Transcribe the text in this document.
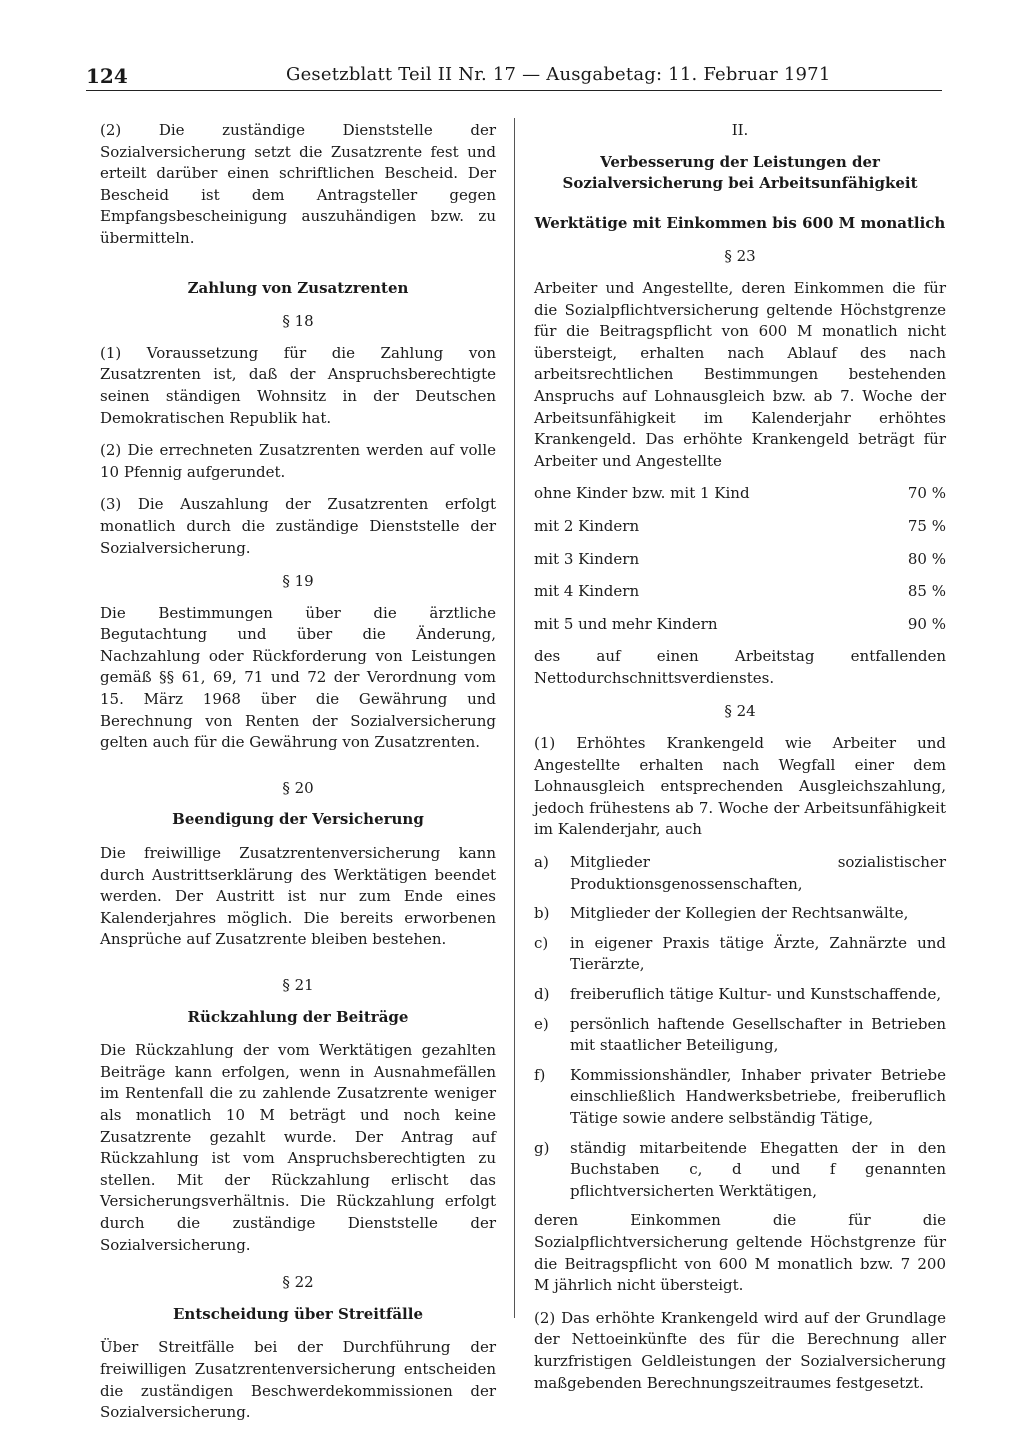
124	Gesetzblatt Teil II Nr. 17 — Ausgabetag: 11. Februar 1971

(2) Die zuständige Dienststelle der Sozialversicherung setzt die Zusatzrente fest und erteilt darüber einen schriftlichen Bescheid. Der Bescheid ist dem Antragsteller gegen Empfangsbescheinigung auszuhändigen bzw. zu übermitteln.

Zahlung von Zusatzrenten
§ 18

(1) Voraussetzung für die Zahlung von Zusatzrenten ist, daß der Anspruchsberechtigte seinen ständigen Wohnsitz in der Deutschen Demokratischen Republik hat.

(2) Die errechneten Zusatzrenten werden auf volle 10 Pfennig aufgerundet.

(3) Die Auszahlung der Zusatzrenten erfolgt monatlich durch die zuständige Dienststelle der Sozialversicherung.

§ 19

Die Bestimmungen über die ärztliche Begutachtung und über die Änderung, Nachzahlung oder Rückforderung von Leistungen gemäß §§ 61, 69, 71 und 72 der Verordnung vom 15. März 1968 über die Gewährung und Berechnung von Renten der Sozialversicherung gelten auch für die Gewährung von Zusatzrenten.

§ 20
Beendigung der Versicherung

Die freiwillige Zusatzrentenversicherung kann durch Austrittserklärung des Werktätigen beendet werden. Der Austritt ist nur zum Ende eines Kalenderjahres möglich. Die bereits erworbenen Ansprüche auf Zusatzrente bleiben bestehen.

§ 21
Rückzahlung der Beiträge

Die Rückzahlung der vom Werktätigen gezahlten Beiträge kann erfolgen, wenn in Ausnahmefällen im Rentenfall die zu zahlende Zusatzrente weniger als monatlich 10 M beträgt und noch keine Zusatzrente gezahlt wurde. Der Antrag auf Rückzahlung ist vom Anspruchsberechtigten zu stellen. Mit der Rückzahlung erlischt das Versicherungsverhältnis. Die Rückzahlung erfolgt durch die zuständige Dienststelle der Sozialversicherung.

§ 22
Entscheidung über Streitfälle

Über Streitfälle bei der Durchführung der freiwilligen Zusatzrentenversicherung entscheiden die zuständigen Beschwerdekommissionen der Sozialversicherung.

II.
Verbesserung der Leistungen der Sozialversicherung bei Arbeitsunfähigkeit
Werktätige mit Einkommen bis 600 M monatlich
§ 23

Arbeiter und Angestellte, deren Einkommen die für die Sozialpflichtversicherung geltende Höchstgrenze für die Beitragspflicht von 600 M monatlich nicht übersteigt, erhalten nach Ablauf des nach arbeitsrechtlichen Bestimmungen bestehenden Anspruchs auf Lohnausgleich bzw. ab 7. Woche der Arbeitsunfähigkeit im Kalenderjahr erhöhtes Krankengeld. Das erhöhte Krankengeld beträgt für Arbeiter und Angestellte

ohne Kinder bzw. mit 1 Kind	70 %
mit 2 Kindern	75 %
mit 3 Kindern	80 %
mit 4 Kindern	85 %
mit 5 und mehr Kindern	90 %

des auf einen Arbeitstag entfallenden Nettodurchschnittsverdienstes.

§ 24

(1) Erhöhtes Krankengeld wie Arbeiter und Angestellte erhalten nach Wegfall einer dem Lohnausgleich entsprechenden Ausgleichszahlung, jedoch frühestens ab 7. Woche der Arbeitsunfähigkeit im Kalenderjahr, auch

a)	Mitglieder sozialistischer Produktionsgenossenschaften,
b)	Mitglieder der Kollegien der Rechtsanwälte,
c)	in eigener Praxis tätige Ärzte, Zahnärzte und Tierärzte,
d)	freiberuflich tätige Kultur- und Kunstschaffende,
e)	persönlich haftende Gesellschafter in Betrieben mit staatlicher Beteiligung,
f)	Kommissionshändler, Inhaber privater Betriebe einschließlich Handwerksbetriebe, freiberuflich Tätige sowie andere selbständig Tätige,
g)	ständig mitarbeitende Ehegatten der in den Buchstaben c, d und f genannten pflichtversicherten Werktätigen,

deren Einkommen die für die Sozialpflichtversicherung geltende Höchstgrenze für die Beitragspflicht von 600 M monatlich bzw. 7 200 M jährlich nicht übersteigt.

(2) Das erhöhte Krankengeld wird auf der Grundlage der Nettoeinkünfte des für die Berechnung aller kurzfristigen Geldleistungen der Sozialversicherung maßgebenden Berechnungszeitraumes festgesetzt.
